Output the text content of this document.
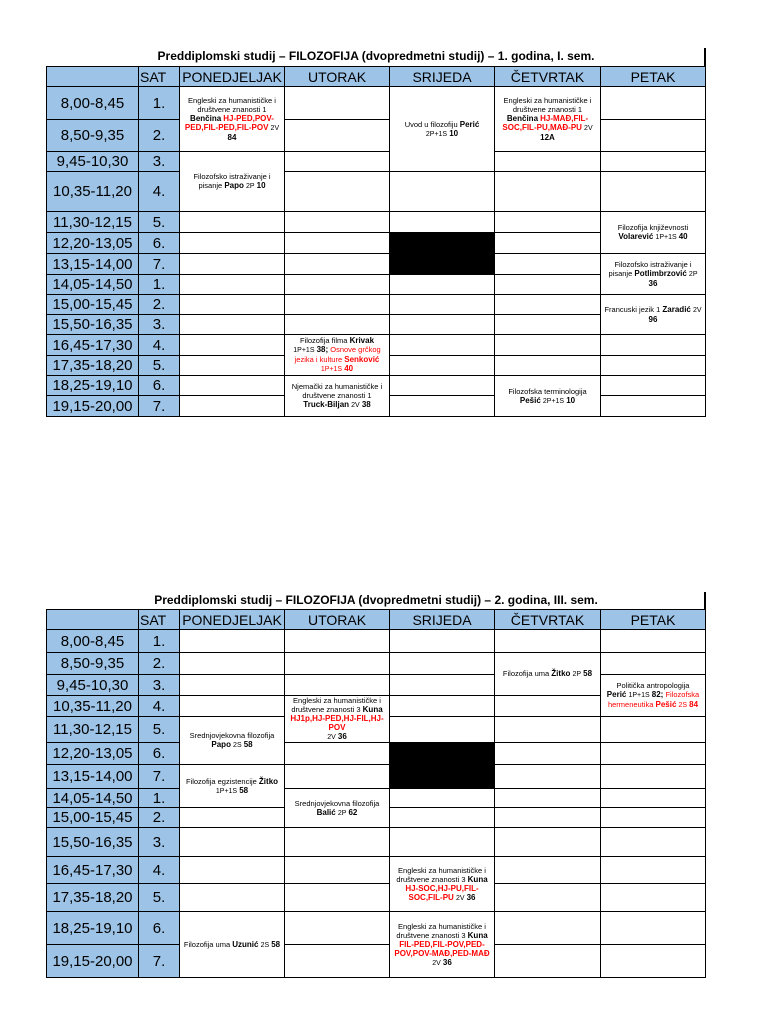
Preddiplomski studij – FILOZOFIJA (dvopredmetni studij) – 1. godina, I. sem.
	SAT	PONEDJELJAK	UTORAK	SRIJEDA	ČETVRTAK	PETAK
8,00-8,45	1.	Engleski za humanističke i
društvene znanosti 1
Benčina HJ-PED,POV-PED,FIL-PED,FIL-POV 2V 84		Uvod u filozofiju Perić
2P+1S 10	Engleski za humanističke i
društvene znanosti 1
Benčina HJ-MAĐ,FIL-SOC,FIL-PU,MAĐ-PU 2V 12A	

8,50-9,35	2.					
9,45-10,30	3.	Filozofsko istraživanje i
pisanje Papo 2P 10				

10,35-11,20	4.					
11,30-12,15	5.					Filozofija književnosti
Volarević 1P+1S 40

12,20-13,05	6.					
13,15-14,00	7.					Filozofsko istraživanje i
pisanje Potlimbrzović 2P
36

14,05-14,50	1.					
15,00-15,45	2.					Francuski jezik 1 Zaradić 2V
96

15,50-16,35	3.					
16,45-17,30	4.		Filozofija filma Krivak
1P+1S 38; Osnove grčkog jezika i kulture Senković
1P+1S 40			

17,35-18,20	5.					
18,25-19,10	6.		Njemački za humanističke i
društvene znanosti 1
Truck-Biljan 2V 38		Filozofska terminologija
Pešić 2P+1S 10	

19,15-20,00	7.					
Preddiplomski studij – FILOZOFIJA (dvopredmetni studij) – 2. godina, III. sem.
	SAT	PONEDJELJAK	UTORAK	SRIJEDA	ČETVRTAK	PETAK
8,00-8,45	1.					
8,50-9,35	2.				Filozofija uma Žitko 2P 58	

9,45-10,30	3.					Politička antropologija
Perić 1P+1S 82; Filozofska hermeneutika Pešić 2S 84

10,35-11,20	4.		Engleski za humanističke i
društvene znanosti 3 Kuna
HJ1p,HJ-PED,HJ-FIL,HJ-POV
2V 36			

11,30-12,15	5.	Srednjovjekovna filozofija
Papo 2S 58				

12,20-13,05	6.					
13,15-14,00	7.	Filozofija egzistencije Žitko
1P+1S 58				

14,05-14,50	1.		Srednjovjekovna filozofija
Balić 2P 62			

15,00-15,45	2.					
15,50-16,35	3.					
16,45-17,30	4.			Engleski za humanističke i
društvene znanosti 3 Kuna
HJ-SOC,HJ-PU,FIL-SOC,FIL-PU 2V 36		

17,35-18,20	5.					
18,25-19,10	6.	Filozofija uma Uzunić 2S 58		Engleski za humanističke i
društvene znanosti 3 Kuna
FIL-PED,FIL-POV,PED-POV,POV-MAĐ,PED-MAĐ
2V 36		

19,15-20,00	7.					
